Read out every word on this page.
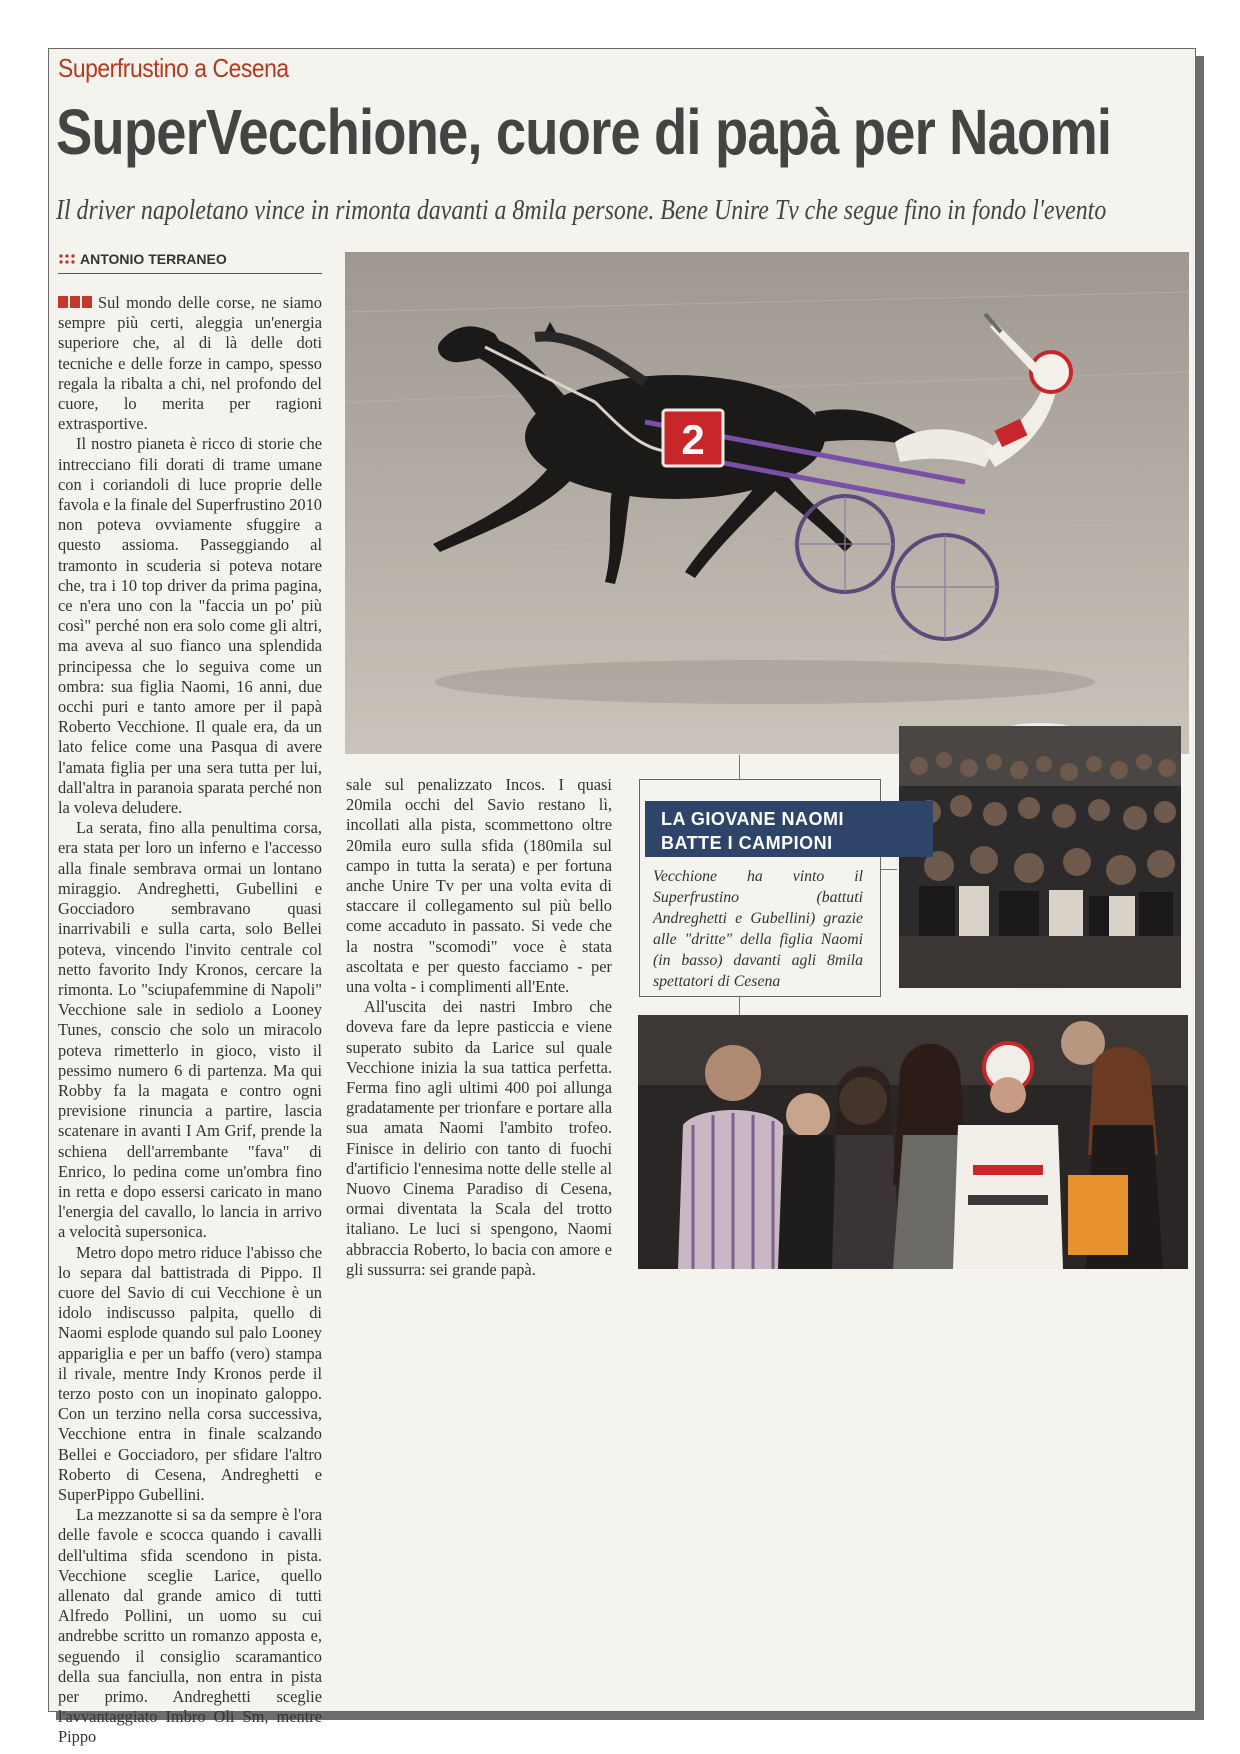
Superfrustino a Cesena
SuperVecchione, cuore di papà per Naomi
Il driver napoletano vince in rimonta davanti a 8mila persone. Bene Unire Tv che segue fino in fondo l'evento
ANTONIO TERRANEO

Sul mondo delle corse, ne siamo sempre più certi, aleggia un'energia superiore che, al di là delle doti tecniche e delle forze in campo, spesso regala la ribalta a chi, nel profondo del cuore, lo merita per ragioni extrasportive.

Il nostro pianeta è ricco di storie che intrecciano fili dorati di trame umane con i coriandoli di luce proprie delle favola e la finale del Superfrustino 2010 non poteva ovviamente sfuggire a questo assioma. Passeggiando al tramonto in scuderia si poteva notare che, tra i 10 top driver da prima pagina, ce n'era uno con la "faccia un po' più così" perché non era solo come gli altri, ma aveva al suo fianco una splendida principessa che lo seguiva come un ombra: sua figlia Naomi, 16 anni, due occhi puri e tanto amore per il papà Roberto Vecchione. Il quale era, da un lato felice come una Pasqua di avere l'amata figlia per una sera tutta per lui, dall'altra in paranoia sparata perché non la voleva deludere.

La serata, fino alla penultima corsa, era stata per loro un inferno e l'accesso alla finale sembrava ormai un lontano miraggio. Andreghetti, Gubellini e Gocciadoro sembravano quasi inarrivabili e sulla carta, solo Bellei poteva, vincendo l'invito centrale col netto favorito Indy Kronos, cercare la rimonta. Lo "sciupafemmine di Napoli" Vecchione sale in sediolo a Looney Tunes, conscio che solo un miracolo poteva rimetterlo in gioco, visto il pessimo numero 6 di partenza. Ma qui Robby fa la magata e contro ogni previsione rinuncia a partire, lascia scatenare in avanti I Am Grif, prende la schiena dell'arrembante "fava" di Enrico, lo pedina come un'ombra fino in retta e dopo essersi caricato in mano l'energia del cavallo, lo lancia in arrivo a velocità supersonica.

Metro dopo metro riduce l'abisso che lo separa dal battistrada di Pippo. Il cuore del Savio di cui Vecchione è un idolo indiscusso palpita, quello di Naomi esplode quando sul palo Looney appariglia e per un baffo (vero) stampa il rivale, mentre Indy Kronos perde il terzo posto con un inopinato galoppo. Con un terzino nella corsa successiva, Vecchione entra in finale scalzando Bellei e Gocciadoro, per sfidare l'altro Roberto di Cesena, Andreghetti e SuperPippo Gubellini.

La mezzanotte si sa da sempre è l'ora delle favole e scocca quando i cavalli dell'ultima sfida scendono in pista. Vecchione sceglie Larice, quello allenato dal grande amico di tutti Alfredo Pollini, un uomo su cui andrebbe scritto un romanzo apposta e, seguendo il consiglio scaramantico della sua fanciulla, non entra in pista per primo. Andreghetti sceglie l'avvantaggiato Imbro Oli Sm, mentre Pippo

2
LA GIOVANE NAOMI
BATTE I CAMPIONI
Vecchione ha vinto il Superfrustino (battuti Andreghetti e Gubellini) grazie alle "dritte" della figlia Naomi (in basso) davanti agli 8mila spettatori di Cesena

sale sul penalizzato Incos. I quasi 20mila occhi del Savio restano lì, incollati alla pista, scommettono oltre 20mila euro sulla sfida (180mila sul campo in tutta la serata) e per fortuna anche Unire Tv per una volta evita di staccare il collegamento sul più bello come accaduto in passato. Si vede che la nostra "scomodi" voce è stata ascoltata e per questo facciamo - per una volta - i complimenti all'Ente.

All'uscita dei nastri Imbro che doveva fare da lepre pasticcia e viene superato subito da Larice sul quale Vecchione inizia la sua tattica perfetta. Ferma fino agli ultimi 400 poi allunga gradatamente per trionfare e portare alla sua amata Naomi l'ambito trofeo. Finisce in delirio con tanto di fuochi d'artificio l'ennesima notte delle stelle al Nuovo Cinema Paradiso di Cesena, ormai diventata la Scala del trotto italiano. Le luci si spengono, Naomi abbraccia Roberto, lo bacia con amore e gli sussurra: sei grande papà.
